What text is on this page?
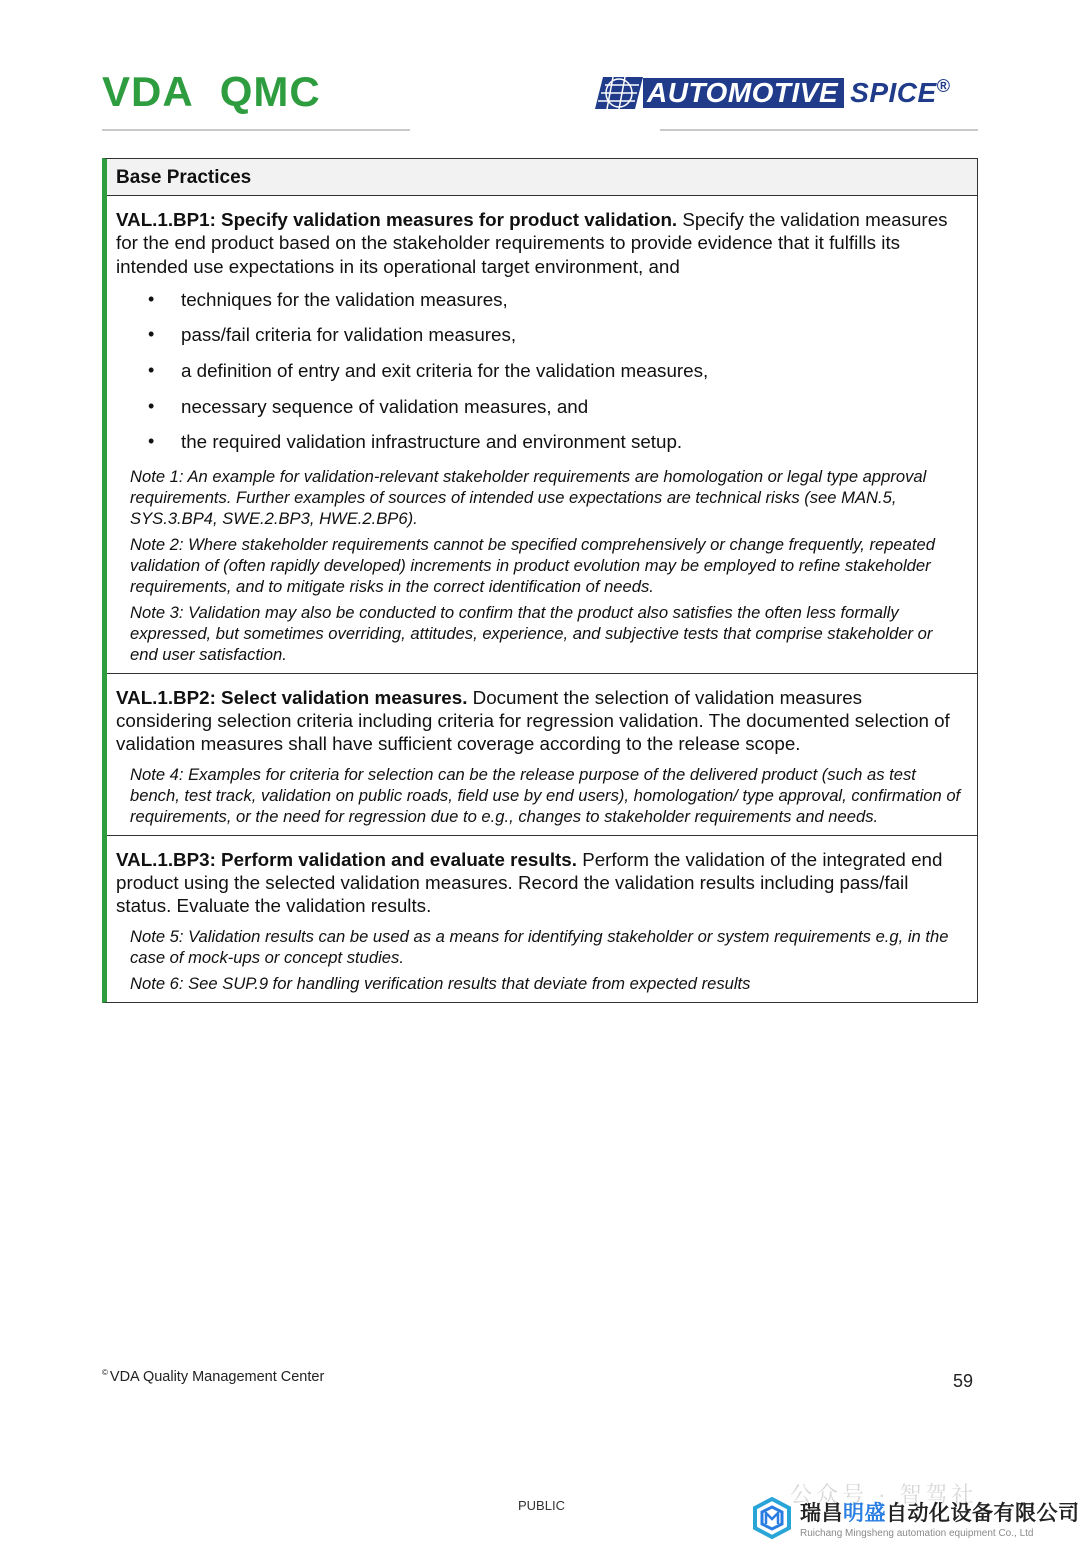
VDA QMC	AUTOMOTIVE SPICE ®
Base Practices

VAL.1.BP1: Specify validation measures for product validation. Specify the validation measures for the end product based on the stakeholder requirements to provide evidence that it fulfills its intended use expectations in its operational target environment, and

• techniques for the validation measures,
• pass/fail criteria for validation measures,
• a definition of entry and exit criteria for the validation measures,
• necessary sequence of validation measures, and
• the required validation infrastructure and environment setup.

Note 1: An example for validation-relevant stakeholder requirements are homologation or legal type approval requirements. Further examples of sources of intended use expectations are technical risks (see MAN.5, SYS.3.BP4, SWE.2.BP3, HWE.2.BP6).

Note 2: Where stakeholder requirements cannot be specified comprehensively or change frequently, repeated validation of (often rapidly developed) increments in product evolution may be employed to refine stakeholder requirements, and to mitigate risks in the correct identification of needs.

Note 3: Validation may also be conducted to confirm that the product also satisfies the often less formally expressed, but sometimes overriding, attitudes, experience, and subjective tests that comprise stakeholder or end user satisfaction.

VAL.1.BP2: Select validation measures. Document the selection of validation measures considering selection criteria including criteria for regression validation. The documented selection of validation measures shall have sufficient coverage according to the release scope.

Note 4: Examples for criteria for selection can be the release purpose of the delivered product (such as test bench, test track, validation on public roads, field use by end users), homologation/ type approval, confirmation of requirements, or the need for regression due to e.g., changes to stakeholder requirements and needs.

VAL.1.BP3: Perform validation and evaluate results. Perform the validation of the integrated end product using the selected validation measures. Record the validation results including pass/fail status. Evaluate the validation results.

Note 5: Validation results can be used as a means for identifying stakeholder or system requirements e.g, in the case of mock-ups or concept studies.

Note 6: See SUP.9 for handling verification results that deviate from expected results

© VDA Quality Management Center	59
PUBLIC	公众号 · 智驾社
瑞昌明盛自动化设备有限公司
Ruichang Mingsheng automation equipment Co., Ltd
